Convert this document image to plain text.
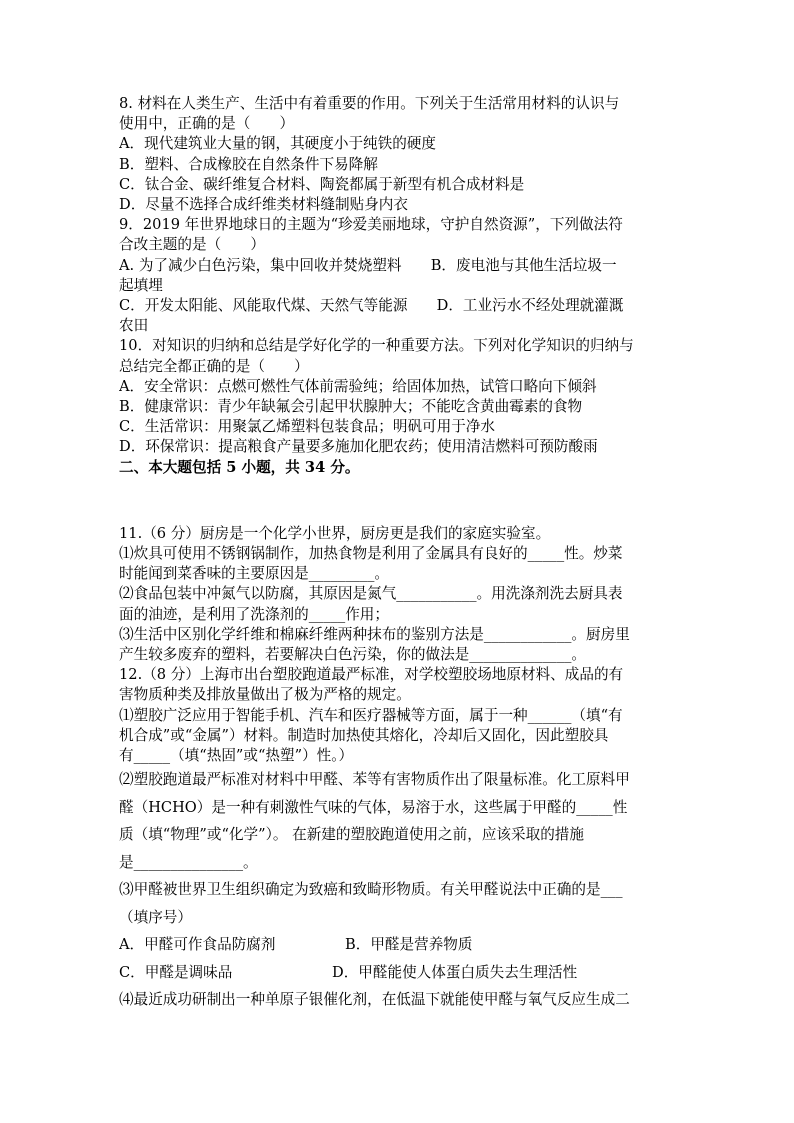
8. 材料在人类生产、生活中有着重要的作用。下列关于生活常用材料的认识与

使用中，正确的是（　　）

A．现代建筑业大量的钢，其硬度小于纯铁的硬度

B．塑料、合成橡胶在自然条件下易降解

C．钛合金、碳纤维复合材料、陶瓷都属于新型有机合成材料是

D．尽量不选择合成纤维类材料缝制贴身内衣

9．2019 年世界地球日的主题为“珍爱美丽地球，守护自然资源”，下列做法符

合改主题的是（　　）

A. 为了减少白色污染，集中回收并焚烧塑料　　B．废电池与其他生活垃圾一

起填埋

C．开发太阳能、风能取代煤、天然气等能源　　D．工业污水不经处理就灌溉

农田

10．对知识的归纳和总结是学好化学的一种重要方法。下列对化学知识的归纳与

总结完全都正确的是（　　）

A．安全常识：点燃可燃性气体前需验纯；给固体加热，试管口略向下倾斜

B．健康常识：青少年缺氟会引起甲状腺肿大；不能吃含黄曲霉素的食物

C．生活常识：用聚氯乙烯塑料包装食品；明矾可用于净水

D．环保常识：提高粮食产量要多施加化肥农药；使用清洁燃料可预防酸雨

二、本大题包括 5 小题，共 34 分。

11.（6 分）厨房是一个化学小世界，厨房更是我们的家庭实验室。

⑴炊具可使用不锈钢锅制作，加热食物是利用了金属具有良好的_____性。炒菜

时能闻到菜香味的主要原因是_________。

⑵食品包装中冲氮气以防腐，其原因是氮气___________。用洗涤剂洗去厨具表

面的油迹，是利用了洗涤剂的_____作用；

⑶生活中区别化学纤维和棉麻纤维两种抹布的鉴别方法是____________。厨房里

产生较多废弃的塑料，若要解决白色污染，你的做法是______________。

12.（8 分）上海市出台塑胶跑道最严标准，对学校塑胶场地原材料、成品的有

害物质种类及排放量做出了极为严格的规定。

⑴塑胶广泛应用于智能手机、汽车和医疗器械等方面，属于一种______（填“有

机合成”或“金属”）材料。制造时加热使其熔化，冷却后又固化，因此塑胶具

有_____（填“热固”或“热塑”）性。）

⑵塑胶跑道最严标准对材料中甲醛、苯等有害物质作出了限量标准。化工原料甲

醛（HCHO）是一种有刺激性气味的气体，易溶于水，这些属于甲醛的_____性

质（填“物理”或“化学”）。 在新建的塑胶跑道使用之前，应该采取的措施

是_______________。

⑶甲醛被世界卫生组织确定为致癌和致畸形物质。有关甲醛说法中正确的是___

（填序号）

A．甲醛可作食品防腐剂	B．甲醛是营养物质

C．甲醛是调味品	D．甲醛能使人体蛋白质失去生理活性

⑷最近成功研制出一种单原子银催化剂，在低温下就能使甲醛与氧气反应生成二
